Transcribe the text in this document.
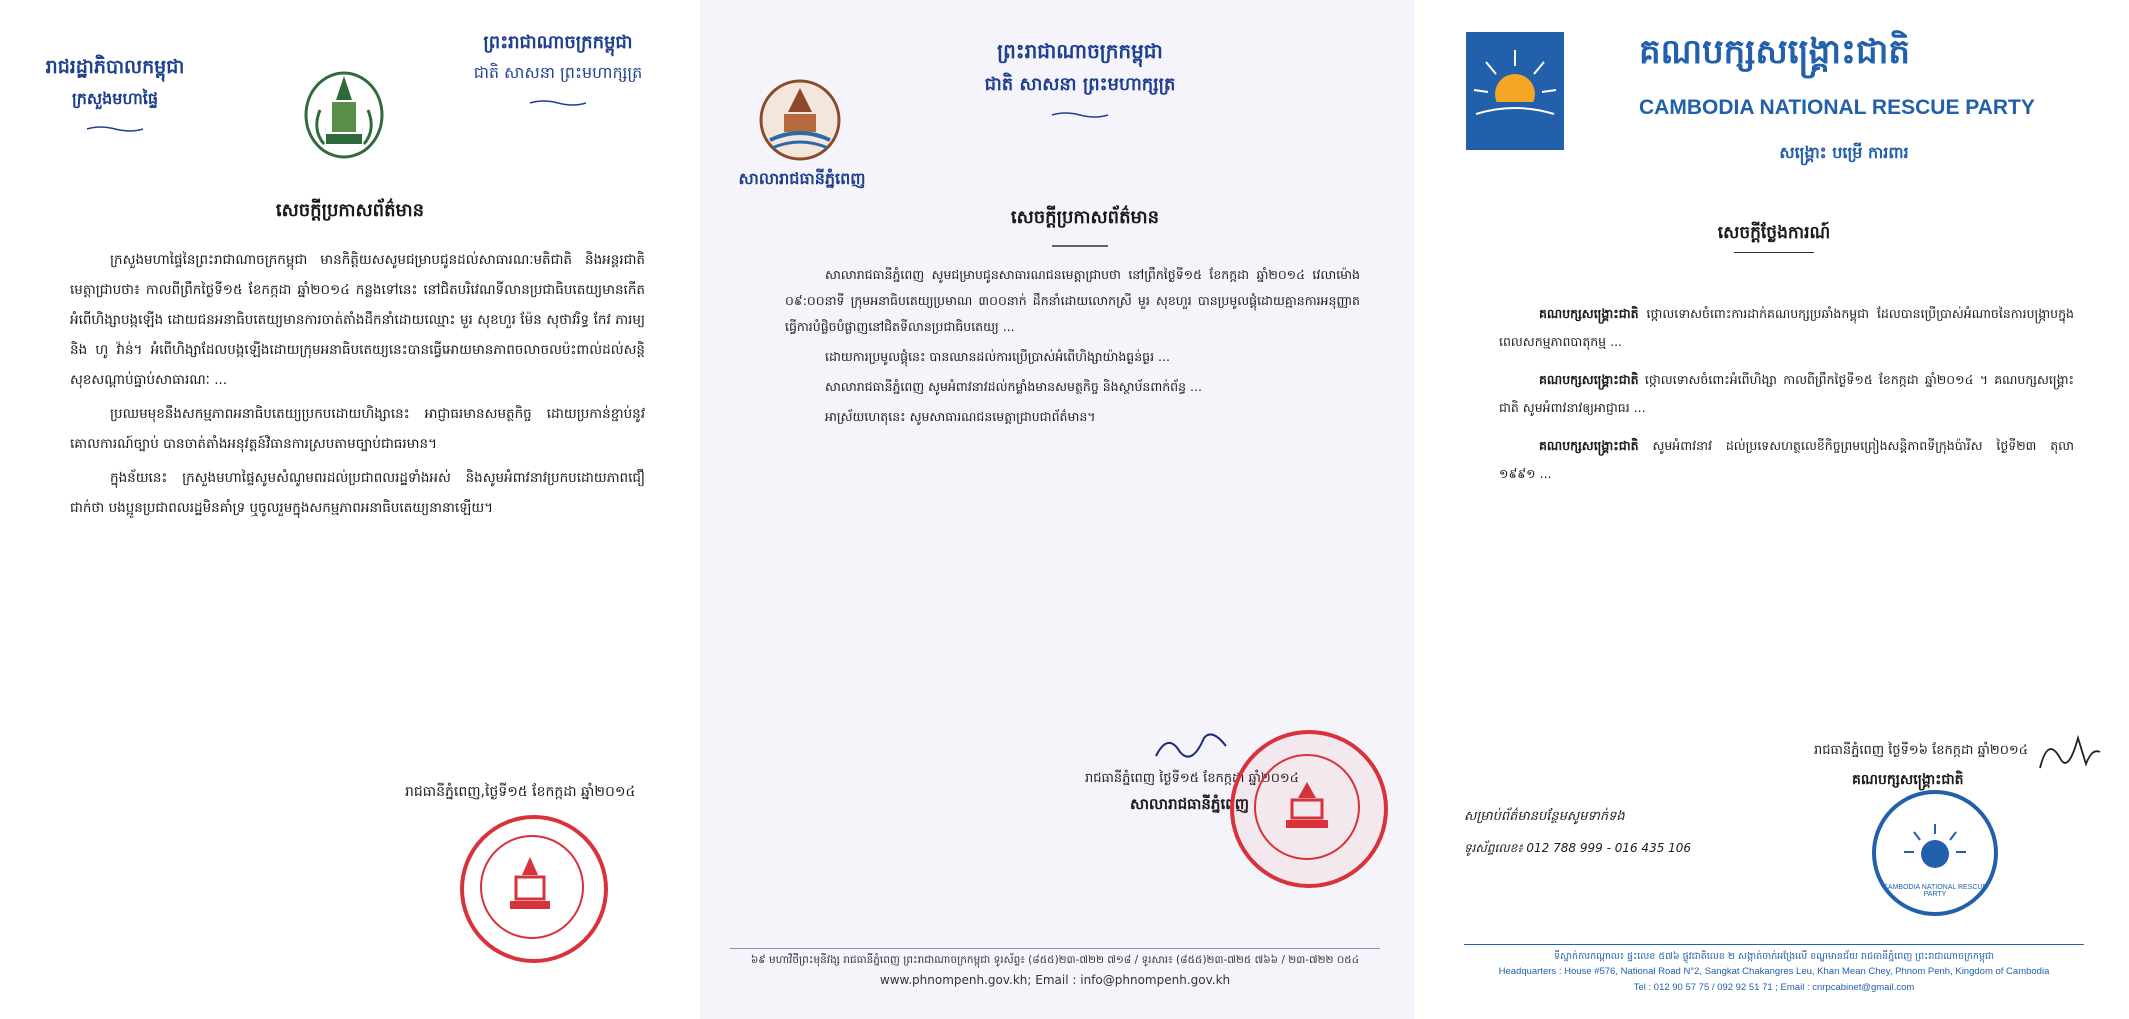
រាជរដ្ឋាភិបាលកម្ពុជា
ក្រសួងមហាផ្ទៃ
ព្រះរាជាណាចក្រកម្ពុជា
ជាតិ សាសនា ព្រះមហាក្សត្រ
សេចក្តីប្រកាសព័ត៌មាន

ក្រសួងមហាផ្ទៃនៃព្រះរាជាណាចក្រកម្ពុជា មានកិត្តិយសសូមជម្រាបជូនដល់សាធារណៈមតិជាតិ និងអន្តរជាតិមេត្តាជ្រាបថា៖ កាលពីព្រឹកថ្ងៃទី១៥ ខែកក្កដា ឆ្នាំ២០១៤ កន្លងទៅនេះ នៅជិតបរិវេណទីលានប្រជាធិបតេយ្យមានកើតអំពើហិង្សាបង្កឡើង ដោយជនអនាធិបតេយ្យមានការចាត់តាំងដឹកនាំដោយឈ្មោះ មួរ សុខហួរ ម៉ែន សុថាវរិទ្ធ កែវ ភារម្យ និង ហូ វ៉ាន់។ អំពើហិង្សាដែលបង្កឡើងដោយក្រុមអនាធិបតេយ្យនេះបានធ្វើអោយមានភាពចលាចលប៉ះពាល់ដល់សន្តិសុខសណ្តាប់ធ្នាប់សាធារណៈ ...

ប្រឈមមុខនឹងសកម្មភាពអនាធិបតេយ្យប្រកបដោយហិង្សានេះ អាជ្ញាធរមានសមត្ថកិច្ច ដោយប្រកាន់ខ្ជាប់នូវគោលការណ៍ច្បាប់ បានចាត់តាំងអនុវត្តន៍វិធានការស្របតាមច្បាប់ជាធរមាន។

ក្នុងន័យនេះ ក្រសួងមហាផ្ទៃសូមសំណូមពរដល់ប្រជាពលរដ្ឋទាំងអស់ និងសូមអំពាវនាវប្រកបដោយភាពជឿជាក់ថា បងប្អូនប្រជាពលរដ្ឋមិនគាំទ្រ ឬចូលរួមក្នុងសកម្មភាពអនាធិបតេយ្យនានាឡើយ។

រាជធានីភ្នំពេញ,ថ្ងៃទី១៥ ខែកក្កដា ឆ្នាំ២០១៤
ព្រះរាជាណាចក្រកម្ពុជា
ជាតិ សាសនា ព្រះមហាក្សត្រ
សាលារាជធានីភ្នំពេញ
សេចក្តីប្រកាសព័ត៌មាន

សាលារាជធានីភ្នំពេញ សូមជម្រាបជូនសាធារណជនមេត្តាជ្រាបថា នៅព្រឹកថ្ងៃទី១៥ ខែកក្កដា ឆ្នាំ២០១៤ វេលាម៉ោង ០៩:០០នាទី ក្រុមអនាធិបតេយ្យប្រមាណ ៣០០នាក់ ដឹកនាំដោយលោកស្រី មួរ សុខហួរ បានប្រមូលផ្តុំដោយគ្មានការអនុញ្ញាត ធ្វើការបំផ្លិចបំផ្លាញនៅជិតទីលានប្រជាធិបតេយ្យ ...

ដោយការប្រមូលផ្តុំនេះ បានឈានដល់ការប្រើប្រាស់អំពើហិង្សាយ៉ាងធ្ងន់ធ្ងរ ...

សាលារាជធានីភ្នំពេញ សូមអំពាវនាវដល់កម្លាំងមានសមត្ថកិច្ច និងស្ថាប័នពាក់ព័ន្ធ ...

អាស្រ័យហេតុនេះ សូមសាធារណជនមេត្តាជ្រាបជាព័ត៌មាន។

រាជធានីភ្នំពេញ ថ្ងៃទី១៥ ខែកក្កដា ឆ្នាំ២០១៤
សាលារាជធានីភ្នំពេញ
៦៩ មហាវិថីព្រះមុនីវង្ស រាជធានីភ្នំពេញ ព្រះរាជាណាចក្រកម្ពុជា ទូរស័ព្ទ៖ (៨៥៥)២៣-៧២២ ៧១៨ / ទូរសារ៖ (៨៥៥)២៣-៧២៥ ៧៦៦ / ២៣-៧២២ ០៥៤
www.phnompenh.gov.kh; Email : info@phnompenh.gov.kh
គណបក្សសង្គ្រោះជាតិ
CAMBODIA NATIONAL RESCUE PARTY
សង្គ្រោះ បម្រើ ការពារ
សេចក្តីថ្លែងការណ៍

គណបក្សសង្គ្រោះជាតិ ថ្កោលទោសចំពោះការដាក់គណបក្សប្រឆាំងកម្ពុជា ដែលបានប្រើប្រាស់អំណាចនៃការបង្ក្រាបក្នុងពេលសកម្មភាពបាតុកម្ម ...

គណបក្សសង្គ្រោះជាតិ ថ្កោលទោសចំពោះអំពើហិង្សា កាលពីព្រឹកថ្ងៃទី១៥ ខែកក្កដា ឆ្នាំ២០១៤ ។ គណបក្សសង្គ្រោះជាតិ សូមអំពាវនាវឲ្យអាជ្ញាធរ ...

គណបក្សសង្គ្រោះជាតិ សូមអំពាវនាវ ដល់ប្រទេសហត្ថលេខីកិច្ចព្រមព្រៀងសន្តិភាពទីក្រុងប៉ារីស ថ្ងៃទី២៣ តុលា ១៩៩១ ...

រាជធានីភ្នំពេញ ថ្ងៃទី១៦ ខែកក្កដា ឆ្នាំ២០១៤
គណបក្សសង្គ្រោះជាតិ
សម្រាប់ព័ត៌មានបន្ថែមសូមទាក់ទង
ទូរស័ព្ទលេខ៖ 012 788 999 - 016 435 106
CAMBODIA NATIONAL RESCUE PARTY
ទីស្នាក់ការកណ្តាល៖ ផ្ទះលេខ ៥៧៦ ផ្លូវជាតិលេខ ២ សង្កាត់ចាក់អង្រែលើ ខណ្ឌមានជ័យ រាជធានីភ្នំពេញ ព្រះរាជាណាចក្រកម្ពុជា
Headquarters : House #576, National Road N°2, Sangkat Chakangres Leu, Khan Mean Chey, Phnom Penh, Kingdom of Cambodia
Tel : 012 90 57 75 / 092 92 51 71 ; Email : cnrpcabinet@gmail.com
